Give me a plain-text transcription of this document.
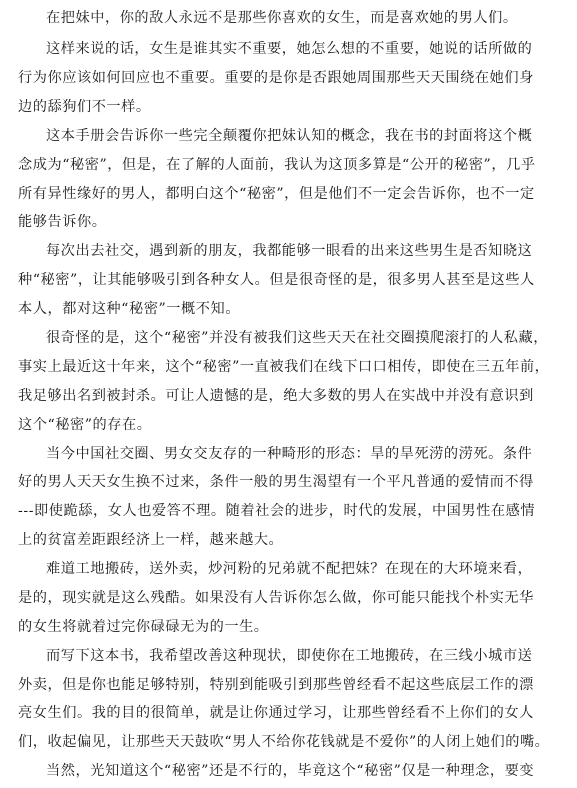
在把妹中，你的敌人永远不是那些你喜欢的女生，而是喜欢她的男人们。
这样来说的话，女生是谁其实不重要，她怎么想的不重要，她说的话所做的
行为你应该如何回应也不重要。重要的是你是否跟她周围那些天天围绕在她们身
边的舔狗们不一样。
这本手册会告诉你一些完全颠覆你把妹认知的概念，我在书的封面将这个概
念成为“秘密”，但是，在了解的人面前，我认为这顶多算是“公开的秘密”，几乎
所有异性缘好的男人，都明白这个“秘密”，但是他们不一定会告诉你，也不一定
能够告诉你。
每次出去社交，遇到新的朋友，我都能够一眼看的出来这些男生是否知晓这
种“秘密”，让其能够吸引到各种女人。但是很奇怪的是，很多男人甚至是这些人
本人，都对这种“秘密”一概不知。
很奇怪的是，这个“秘密”并没有被我们这些天天在社交圈摸爬滚打的人私藏，
事实上最近这十年来，这个“秘密”一直被我们在线下口口相传，即使在三五年前，
我足够出名到被封杀。可让人遗憾的是，绝大多数的男人在实战中并没有意识到
这个“秘密”的存在。
当今中国社交圈、男女交友存的一种畸形的形态：旱的旱死涝的涝死。条件
好的男人天天女生换不过来，条件一般的男生渴望有一个平凡普通的爱情而不得
---即使跪舔，女人也爱答不理。随着社会的进步，时代的发展，中国男性在感情
上的贫富差距跟经济上一样，越来越大。
难道工地搬砖，送外卖，炒河粉的兄弟就不配把妹？在现在的大环境来看，
是的，现实就是这么残酷。如果没有人告诉你怎么做，你可能只能找个朴实无华
的女生将就着过完你碌碌无为的一生。
而写下这本书，我希望改善这种现状，即使你在工地搬砖，在三线小城市送
外卖，但是你也能足够特别，特别到能吸引到那些曾经看不起这些底层工作的漂
亮女生们。我的目的很简单，就是让你通过学习，让那些曾经看不上你们的女人
们，收起偏见，让那些天天鼓吹“男人不给你花钱就是不爱你”的人闭上她们的嘴。
当然，光知道这个“秘密”还是不行的，毕竟这个“秘密”仅是一种理念，要变
